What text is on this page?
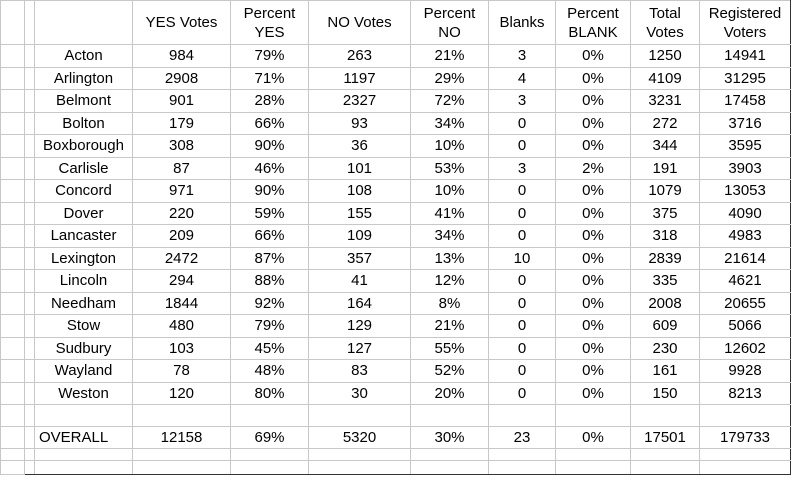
			YES Votes	Percent YES	NO Votes	Percent NO	Blanks	Percent BLANK	Total Votes	Registered Voters
		Acton	984	79%	263	21%	3	0%	1250	14941
		Arlington	2908	71%	1197	29%	4	0%	4109	31295
		Belmont	901	28%	2327	72%	3	0%	3231	17458
		Bolton	179	66%	93	34%	0	0%	272	3716
		Boxborough	308	90%	36	10%	0	0%	344	3595
		Carlisle	87	46%	101	53%	3	2%	191	3903
		Concord	971	90%	108	10%	0	0%	1079	13053
		Dover	220	59%	155	41%	0	0%	375	4090
		Lancaster	209	66%	109	34%	0	0%	318	4983
		Lexington	2472	87%	357	13%	10	0%	2839	21614
		Lincoln	294	88%	41	12%	0	0%	335	4621
		Needham	1844	92%	164	8%	0	0%	2008	20655
		Stow	480	79%	129	21%	0	0%	609	5066
		Sudbury	103	45%	127	55%	0	0%	230	12602
		Wayland	78	48%	83	52%	0	0%	161	9928
		Weston	120	80%	30	20%	0	0%	150	8213

		OVERALL	12158	69%	5320	30%	23	0%	17501	179733
